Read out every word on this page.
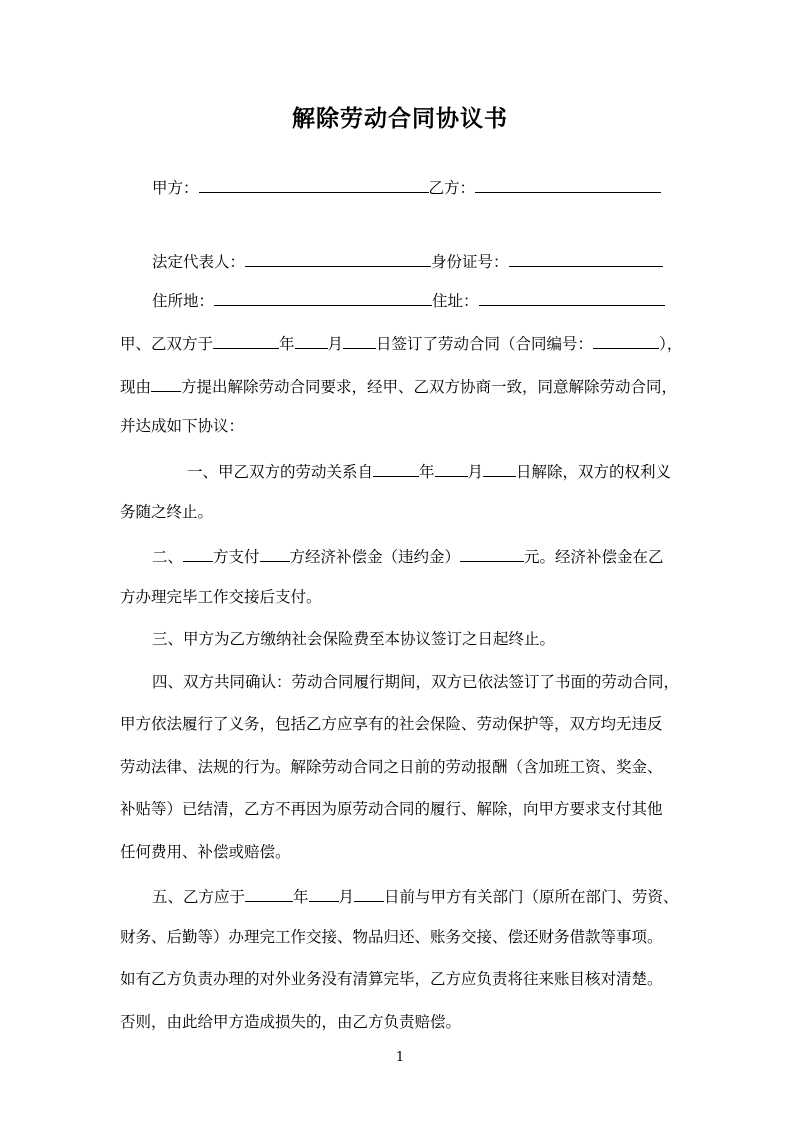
解除劳动合同协议书
甲方：	乙方：
法定代表人：	身份证号：
住所地：	住址：
甲、乙双方于	年 月 日签订了劳动合同（合同编号：	），
现由 方提出解除劳动合同要求，经甲、乙双方协商一致，同意解除劳动合同，
并达成如下协议：
一、甲乙双方的劳动关系自	年 月 日解除，双方的权利义
务随之终止。
二、 方支付 方经济补偿金（违约金）	元。经济补偿金在乙
方办理完毕工作交接后支付。
三、甲方为乙方缴纳社会保险费至本协议签订之日起终止。
四、双方共同确认：劳动合同履行期间，双方已依法签订了书面的劳动合同，
甲方依法履行了义务，包括乙方应享有的社会保险、劳动保护等，双方均无违反
劳动法律、法规的行为。解除劳动合同之日前的劳动报酬（含加班工资、奖金、
补贴等）已结清，乙方不再因为原劳动合同的履行、解除，向甲方要求支付其他
任何费用、补偿或赔偿。
五、乙方应于	年 月 日前与甲方有关部门（原所在部门、劳资、
财务、后勤等）办理完工作交接、物品归还、账务交接、偿还财务借款等事项。
如有乙方负责办理的对外业务没有清算完毕，乙方应负责将往来账目核对清楚。
否则，由此给甲方造成损失的，由乙方负责赔偿。
1
